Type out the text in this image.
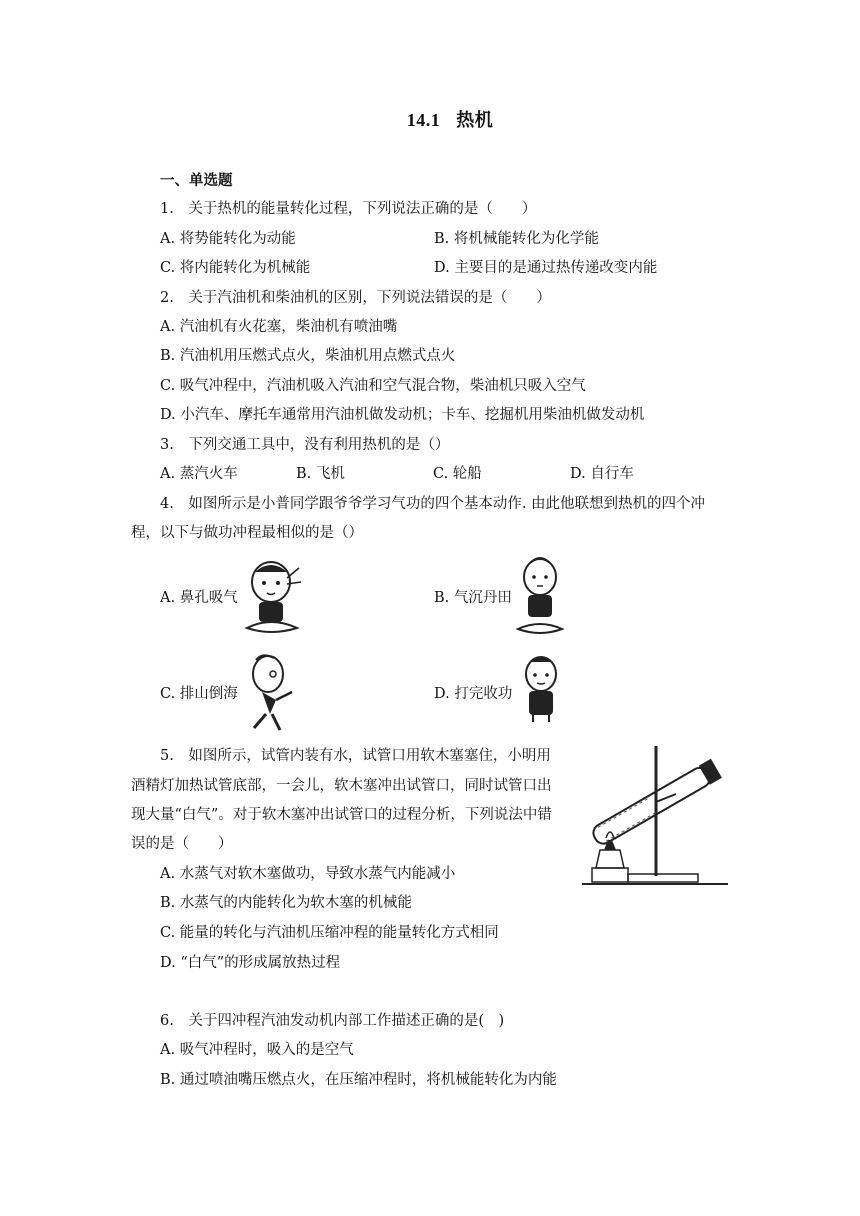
14.1 热机
一、单选题
1.　关于热机的能量转化过程，下列说法正确的是（　　）
A. 将势能转化为动能	B. 将机械能转化为化学能
C. 将内能转化为机械能	D. 主要目的是通过热传递改变内能
2.　关于汽油机和柴油机的区别，下列说法错误的是（　　）
A. 汽油机有火花塞，柴油机有喷油嘴
B. 汽油机用压燃式点火，柴油机用点燃式点火
C. 吸气冲程中，汽油机吸入汽油和空气混合物，柴油机只吸入空气
D. 小汽车、摩托车通常用汽油机做发动机；卡车、挖掘机用柴油机做发动机
3.　下列交通工具中，没有利用热机的是（）
A. 蒸汽火车	B. 飞机	C. 轮船	D. 自行车
4.　如图所示是小普同学跟爷爷学习气功的四个基本动作. 由此他联想到热机的四个冲
程，以下与做功冲程最相似的是（）
A. 鼻孔吸气	B. 气沉丹田
C. 排山倒海	D. 打完收功
5.　如图所示，试管内装有水，试管口用软木塞塞住，小明用
酒精灯加热试管底部，一会儿，软木塞冲出试管口，同时试管口出
现大量“白气”。对于软木塞冲出试管口的过程分析，下列说法中错
误的是（　　）
A. 水蒸气对软木塞做功，导致水蒸气内能减小
B. 水蒸气的内能转化为软木塞的机械能
C. 能量的转化与汽油机压缩冲程的能量转化方式相同
D. “白气”的形成属放热过程
6.　关于四冲程汽油发动机内部工作描述正确的是(　)
A. 吸气冲程时，吸入的是空气
B. 通过喷油嘴压燃点火，在压缩冲程时，将机械能转化为内能
